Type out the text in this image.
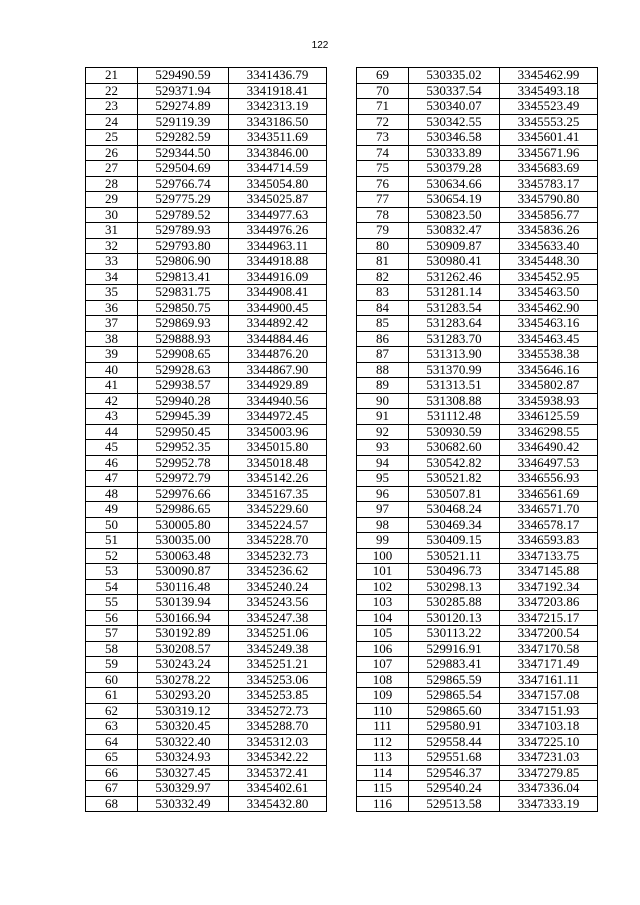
122
21	529490.59	3341436.79
22	529371.94	3341918.41
23	529274.89	3342313.19
24	529119.39	3343186.50
25	529282.59	3343511.69
26	529344.50	3343846.00
27	529504.69	3344714.59
28	529766.74	3345054.80
29	529775.29	3345025.87
30	529789.52	3344977.63
31	529789.93	3344976.26
32	529793.80	3344963.11
33	529806.90	3344918.88
34	529813.41	3344916.09
35	529831.75	3344908.41
36	529850.75	3344900.45
37	529869.93	3344892.42
38	529888.93	3344884.46
39	529908.65	3344876.20
40	529928.63	3344867.90
41	529938.57	3344929.89
42	529940.28	3344940.56
43	529945.39	3344972.45
44	529950.45	3345003.96
45	529952.35	3345015.80
46	529952.78	3345018.48
47	529972.79	3345142.26
48	529976.66	3345167.35
49	529986.65	3345229.60
50	530005.80	3345224.57
51	530035.00	3345228.70
52	530063.48	3345232.73
53	530090.87	3345236.62
54	530116.48	3345240.24
55	530139.94	3345243.56
56	530166.94	3345247.38
57	530192.89	3345251.06
58	530208.57	3345249.38
59	530243.24	3345251.21
60	530278.22	3345253.06
61	530293.20	3345253.85
62	530319.12	3345272.73
63	530320.45	3345288.70
64	530322.40	3345312.03
65	530324.93	3345342.22
66	530327.45	3345372.41
67	530329.97	3345402.61
68	530332.49	3345432.80
69	530335.02	3345462.99
70	530337.54	3345493.18
71	530340.07	3345523.49
72	530342.55	3345553.25
73	530346.58	3345601.41
74	530333.89	3345671.96
75	530379.28	3345683.69
76	530634.66	3345783.17
77	530654.19	3345790.80
78	530823.50	3345856.77
79	530832.47	3345836.26
80	530909.87	3345633.40
81	530980.41	3345448.30
82	531262.46	3345452.95
83	531281.14	3345463.50
84	531283.54	3345462.90
85	531283.64	3345463.16
86	531283.70	3345463.45
87	531313.90	3345538.38
88	531370.99	3345646.16
89	531313.51	3345802.87
90	531308.88	3345938.93
91	531112.48	3346125.59
92	530930.59	3346298.55
93	530682.60	3346490.42
94	530542.82	3346497.53
95	530521.82	3346556.93
96	530507.81	3346561.69
97	530468.24	3346571.70
98	530469.34	3346578.17
99	530409.15	3346593.83
100	530521.11	3347133.75
101	530496.73	3347145.88
102	530298.13	3347192.34
103	530285.88	3347203.86
104	530120.13	3347215.17
105	530113.22	3347200.54
106	529916.91	3347170.58
107	529883.41	3347171.49
108	529865.59	3347161.11
109	529865.54	3347157.08
110	529865.60	3347151.93
111	529580.91	3347103.18
112	529558.44	3347225.10
113	529551.68	3347231.03
114	529546.37	3347279.85
115	529540.24	3347336.04
116	529513.58	3347333.19
